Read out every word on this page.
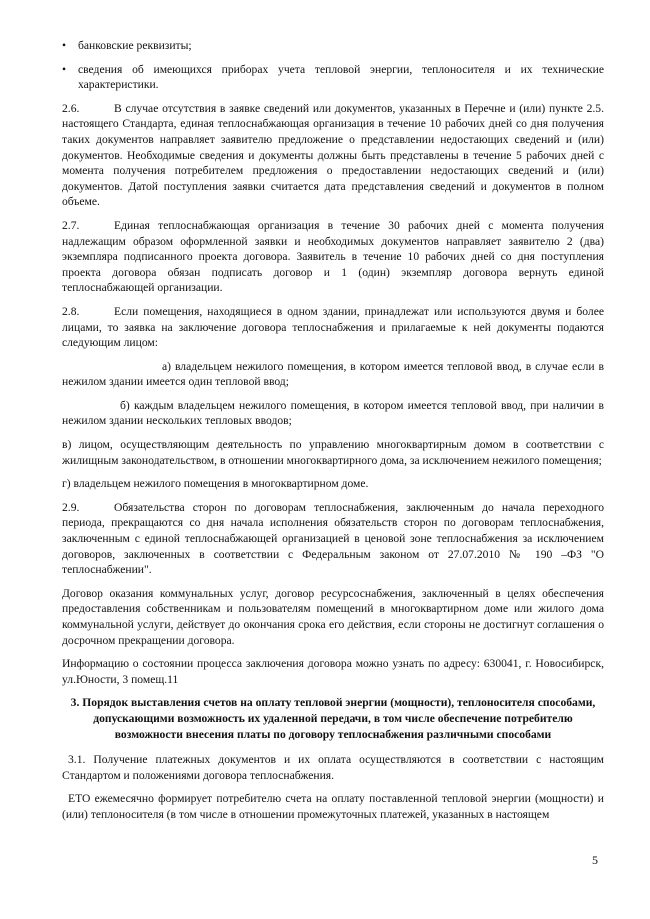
•	банковские реквизиты;
•	сведения об имеющихся приборах учета тепловой энергии, теплоносителя и их технические характеристики.

2.6.	В случае отсутствия в заявке сведений или документов, указанных в Перечне и (или) пункте 2.5. настоящего Стандарта, единая теплоснабжающая организация в течение 10 рабочих дней со дня получения таких документов направляет заявителю предложение о представлении недостающих сведений и (или) документов. Необходимые сведения и документы должны быть представлены в течение 5 рабочих дней с момента получения потребителем предложения о предоставлении недостающих сведений и (или) документов. Датой поступления заявки считается дата представления сведений и документов в полном объеме.

2.7.	Единая теплоснабжающая организация в течение 30 рабочих дней с момента получения надлежащим образом оформленной заявки и необходимых документов направляет заявителю 2 (два) экземпляра подписанного проекта договора. Заявитель в течение 10 рабочих дней со дня поступления проекта договора обязан подписать договор и 1 (один) экземпляр договора вернуть единой теплоснабжающей организации.

2.8.	Если помещения, находящиеся в одном здании, принадлежат или используются двумя и более лицами, то заявка на заключение договора теплоснабжения и прилагаемые к ней документы подаются следующим лицом:

а) владельцем нежилого помещения, в котором имеется тепловой ввод, в случае если в нежилом здании имеется один тепловой ввод;

б) каждым владельцем нежилого помещения, в котором имеется тепловой ввод, при наличии в нежилом здании нескольких тепловых вводов;

в) лицом, осуществляющим деятельность по управлению многоквартирным домом в соответствии с жилищным законодательством, в отношении многоквартирного дома, за исключением нежилого помещения;

г) владельцем нежилого помещения в многоквартирном доме.

2.9.	Обязательства сторон по договорам теплоснабжения, заключенным до начала переходного периода, прекращаются со дня начала исполнения обязательств сторон по договорам теплоснабжения, заключенным с единой теплоснабжающей организацией в ценовой зоне теплоснабжения за исключением договоров, заключенных в соответствии с Федеральным законом от 27.07.2010 № 190 –ФЗ "О теплоснабжении".

Договор оказания коммунальных услуг, договор ресурсоснабжения, заключенный в целях обеспечения предоставления собственникам и пользователям помещений в многоквартирном доме или жилого дома коммунальной услуги, действует до окончания срока его действия, если стороны не достигнут соглашения о досрочном прекращении договора.

Информацию о состоянии процесса заключения договора можно узнать по адресу: 630041, г. Новосибирск, ул.Юности, 3 помещ.11

3. Порядок выставления счетов на оплату тепловой энергии (мощности), теплоносителя способами, допускающими возможность их удаленной передачи, в том числе обеспечение потребителю возможности внесения платы по договору теплоснабжения различными способами

3.1. Получение платежных документов и их оплата осуществляются в соответствии с настоящим Стандартом и положениями договора теплоснабжения.

ЕТО ежемесячно формирует потребителю счета на оплату поставленной тепловой энергии (мощности) и (или) теплоносителя (в том числе в отношении промежуточных платежей, указанных в настоящем

5
